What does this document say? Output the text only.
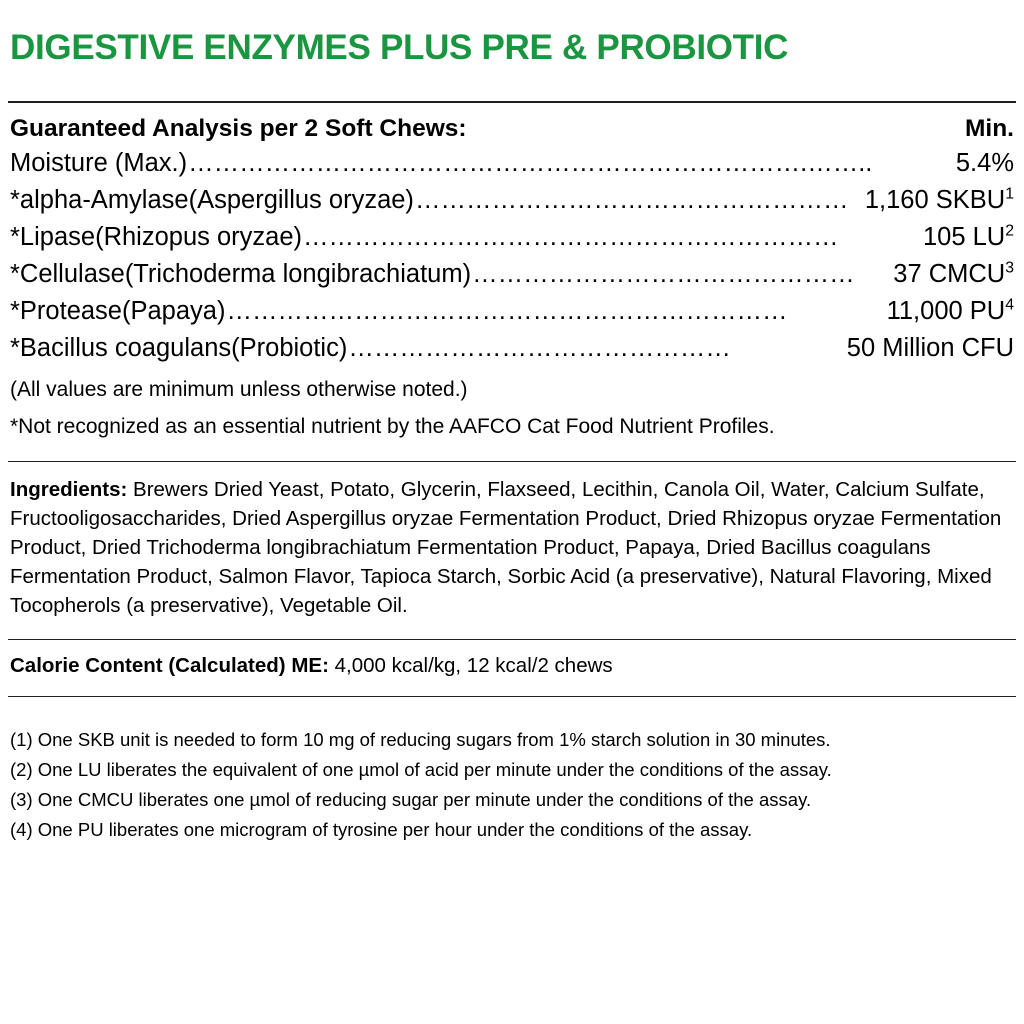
DIGESTIVE ENZYMES PLUS PRE & PROBIOTIC
Guaranteed Analysis per 2 Soft Chews:	Min.
Moisture (Max.) ……………………………………………………………….……..	5.4%
*alpha-Amylase (Aspergillus oryzae) …………………………………………… 1,160 SKBU$^1$
*Lipase (Rhizopus oryzae) ………………………………………………………	105 $LU^2$
*Cellulase (Trichoderma longibrachiatum) ………………………………………	37 CMCU$^3$
*Protease (Papaya) …………………………………………………………	11,000 $PU^4$
*Bacillus coagulans (Probiotic) ………………………………………	50 Million CFU
(All values are minimum unless otherwise noted.)
*Not recognized as an essential nutrient by the AAFCO Cat Food Nutrient Profiles.
Ingredients: Brewers Dried Yeast, Potato, Glycerin, Flaxseed, Lecithin, Canola Oil, Water, Calcium Sulfate, Fructooligosaccharides, Dried Aspergillus oryzae Fermentation Product, Dried Rhizopus oryzae Fermentation Product, Dried Trichoderma longibrachiatum Fermentation Product, Papaya, Dried Bacillus coagulans Fermentation Product, Salmon Flavor, Tapioca Starch, Sorbic Acid (a preservative), Natural Flavoring, Mixed Tocopherols (a preservative), Vegetable Oil.
Calorie Content (Calculated) ME: 4,000 kcal/kg, 12 kcal/2 chews
(1) One SKB unit is needed to form 10 mg of reducing sugars from 1% starch solution in 30 minutes.
(2) One LU liberates the equivalent of one µmol of acid per minute under the conditions of the assay.
(3) One CMCU liberates one µmol of reducing sugar per minute under the conditions of the assay.
(4) One PU liberates one microgram of tyrosine per hour under the conditions of the assay.
